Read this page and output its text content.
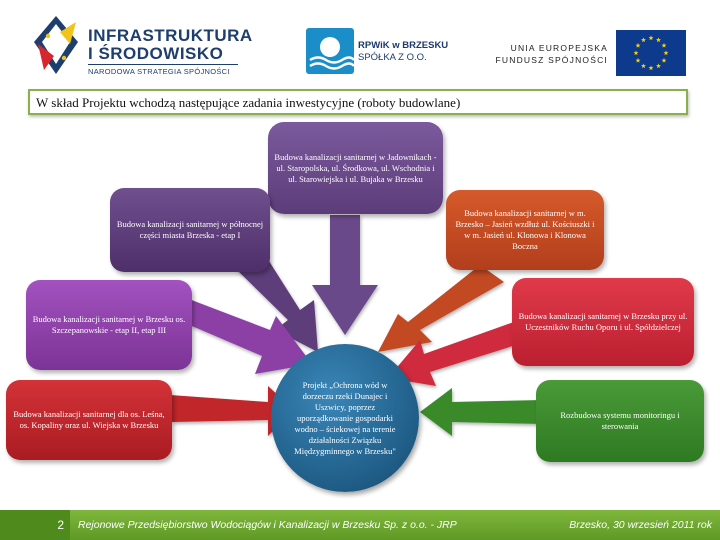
INFRASTRUKTURA
I ŚRODOWISKO
NARODOWA STRATEGIA SPÓJNOŚCI
RPWiK w BRZESKU
SPÓŁKA Z O.O.
UNIA EUROPEJSKA
FUNDUSZ SPÓJNOŚCI
W skład Projektu wchodzą następujące zadania inwestycyjne (roboty budowlane)
Projekt „Ochrona wód w dorzeczu rzeki Dunajec i Uszwicy, poprzez uporządkowanie gospodarki wodno – ściekowej na terenie działalności Związku Międzygminnego w Brzesku"
Budowa kanalizacji sanitarnej w Jadownikach - ul. Staropolska, ul. Środkowa, ul. Wschodnia i ul. Starowiejska i ul. Bujaka w Brzesku
Budowa kanalizacji sanitarnej w północnej części miasta Brzeska - etap I
Budowa kanalizacji sanitarnej w m. Brzesko – Jasień wzdłuż ul. Kościuszki i w m. Jasień ul. Klonowa i Klonowa Boczna
Budowa kanalizacji sanitarnej w Brzesku os. Szczepanowskie - etap II, etap III
Budowa kanalizacji sanitarnej w Brzesku przy ul. Uczestników Ruchu Oporu i ul. Spółdzielczej
Budowa kanalizacji sanitarnej dla os. Leśna, os. Kopaliny oraz ul. Wiejska w Brzesku
Rozbudowa systemu monitoringu i sterowania
2	Rejonowe Przedsiębiorstwo Wodociągów i Kanalizacji w Brzesku Sp. z o.o. - JRP	Brzesko, 30 wrzesień 2011 rok
